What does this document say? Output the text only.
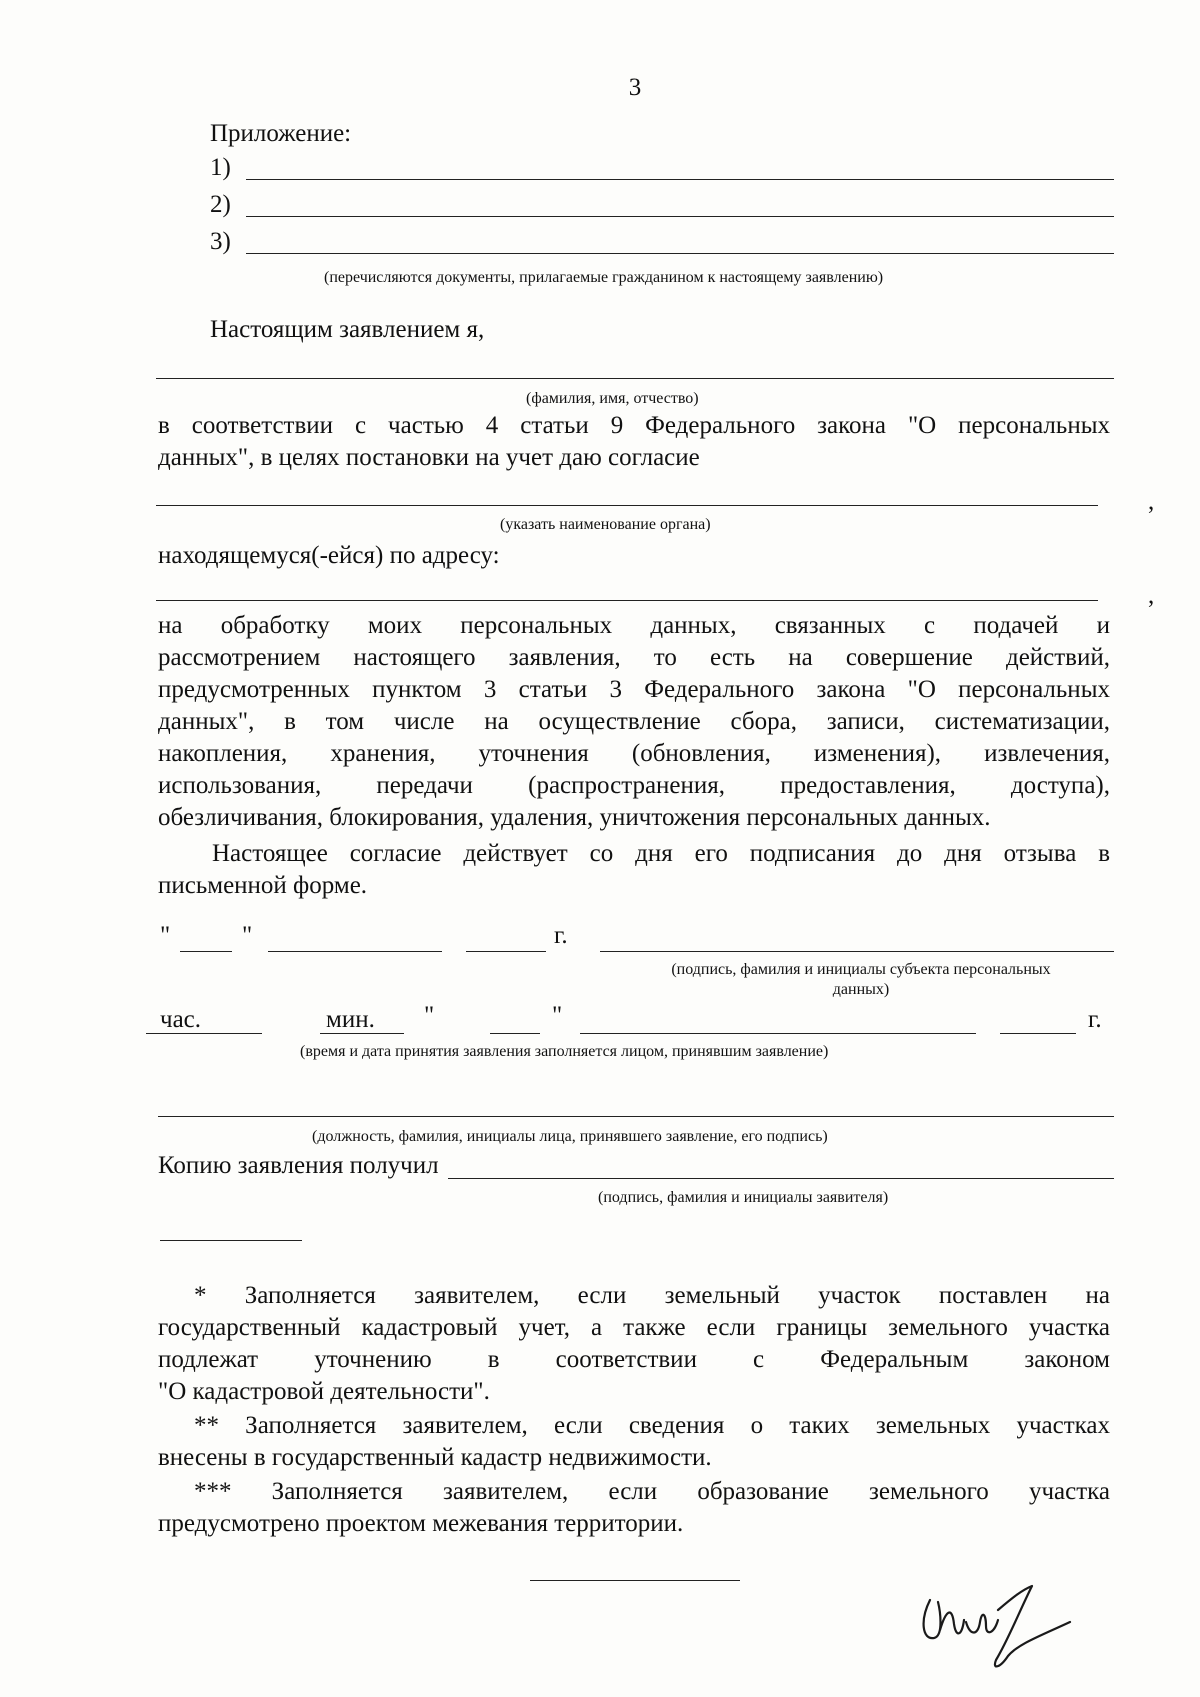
3
Приложение:
1)
2)
3)
(перечисляются документы, прилагаемые гражданином к настоящему заявлению)
Настоящим заявлением я,
(фамилия, имя, отчество)
в соответствии с частью 4 статьи 9 Федерального закона "О персональных
данных", в целях постановки на учет даю согласие
,
(указать наименование органа)
находящемуся(-ейся) по адресу:
,
на обработку моих персональных данных, связанных с подачей и
рассмотрением настоящего заявления, то есть на совершение действий,
предусмотренных пунктом 3 статьи 3 Федерального закона "О персональных
данных", в том числе на осуществление сбора, записи, систематизации,
накопления, хранения, уточнения (обновления, изменения), извлечения,
использования, передачи (распространения, предоставления, доступа),
обезличивания, блокирования, удаления, уничтожения персональных данных.
Настоящее согласие действует со дня его подписания до дня отзыва в
письменной форме.
"	"	г.
(подпись, фамилия и инициалы субъекта персональных
данных)
час.	мин. "	"	г.
(время и дата принятия заявления заполняется лицом, принявшим заявление)
(должность, фамилия, инициалы лица, принявшего заявление, его подпись)
Копию заявления получил
(подпись, фамилия и инициалы заявителя)
* Заполняется заявителем, если земельный участок поставлен на
государственный кадастровый учет, а также если границы земельного участка
подлежат уточнению в соответствии с Федеральным законом
"О кадастровой деятельности".
** Заполняется заявителем, если сведения о таких земельных участках
внесены в государственный кадастр недвижимости.
*** Заполняется заявителем, если образование земельного участка
предусмотрено проектом межевания территории.
